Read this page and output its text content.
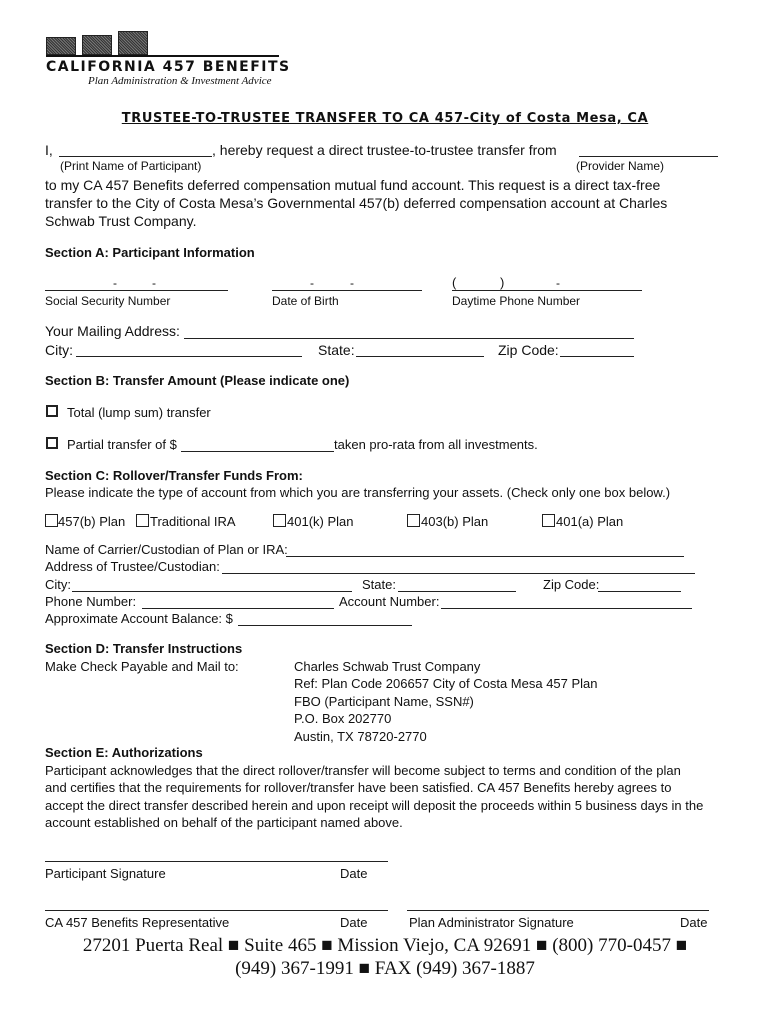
CALIFORNIA 457 BENEFITS
Plan Administration & Investment Advice
TRUSTEE-TO-TRUSTEE TRANSFER TO CA 457-City of Costa Mesa, CA
I,	, hereby request a direct trustee-to-trustee transfer from
(Print Name of Participant)	(Provider Name)
to my CA 457 Benefits deferred compensation mutual fund account. This request is a direct tax-free
transfer to the City of Costa Mesa’s Governmental 457(b) deferred compensation account at Charles
Schwab Trust Company.
Section A: Participant Information
-	-	-	-	(	)	-
Social Security Number	Date of Birth	Daytime Phone Number
Your Mailing Address:
City:	State:	Zip Code:
Section B: Transfer Amount (Please indicate one)
Total (lump sum) transfer
Partial transfer of $	taken pro-rata from all investments.
Section C: Rollover/Transfer Funds From:
Please indicate the type of account from which you are transferring your assets. (Check only one box below.)
457(b) Plan Traditional IRA	401(k) Plan	403(b) Plan	401(a) Plan
Name of Carrier/Custodian of Plan or IRA:
Address of Trustee/Custodian:
City:	State:	Zip Code:
Phone Number:	Account Number:
Approximate Account Balance: $
Section D: Transfer Instructions
Make Check Payable and Mail to:	Charles Schwab Trust Company
Ref: Plan Code 206657 City of Costa Mesa 457 Plan
FBO (Participant Name, SSN#)
P.O. Box 202770
Austin, TX 78720-2770
Section E: Authorizations
Participant acknowledges that the direct rollover/transfer will become subject to terms and condition of the plan
and certifies that the requirements for rollover/transfer have been satisfied. CA 457 Benefits hereby agrees to
accept the direct transfer described herein and upon receipt will deposit the proceeds within 5 business days in the
account established on behalf of the participant named above.
Participant Signature	Date
CA 457 Benefits Representative	Date	Plan Administrator Signature	Date
27201 Puerta Real ■ Suite 465 ■ Mission Viejo, CA 92691 ■ (800) 770-0457 ■
(949) 367-1991 ■ FAX (949) 367-1887
